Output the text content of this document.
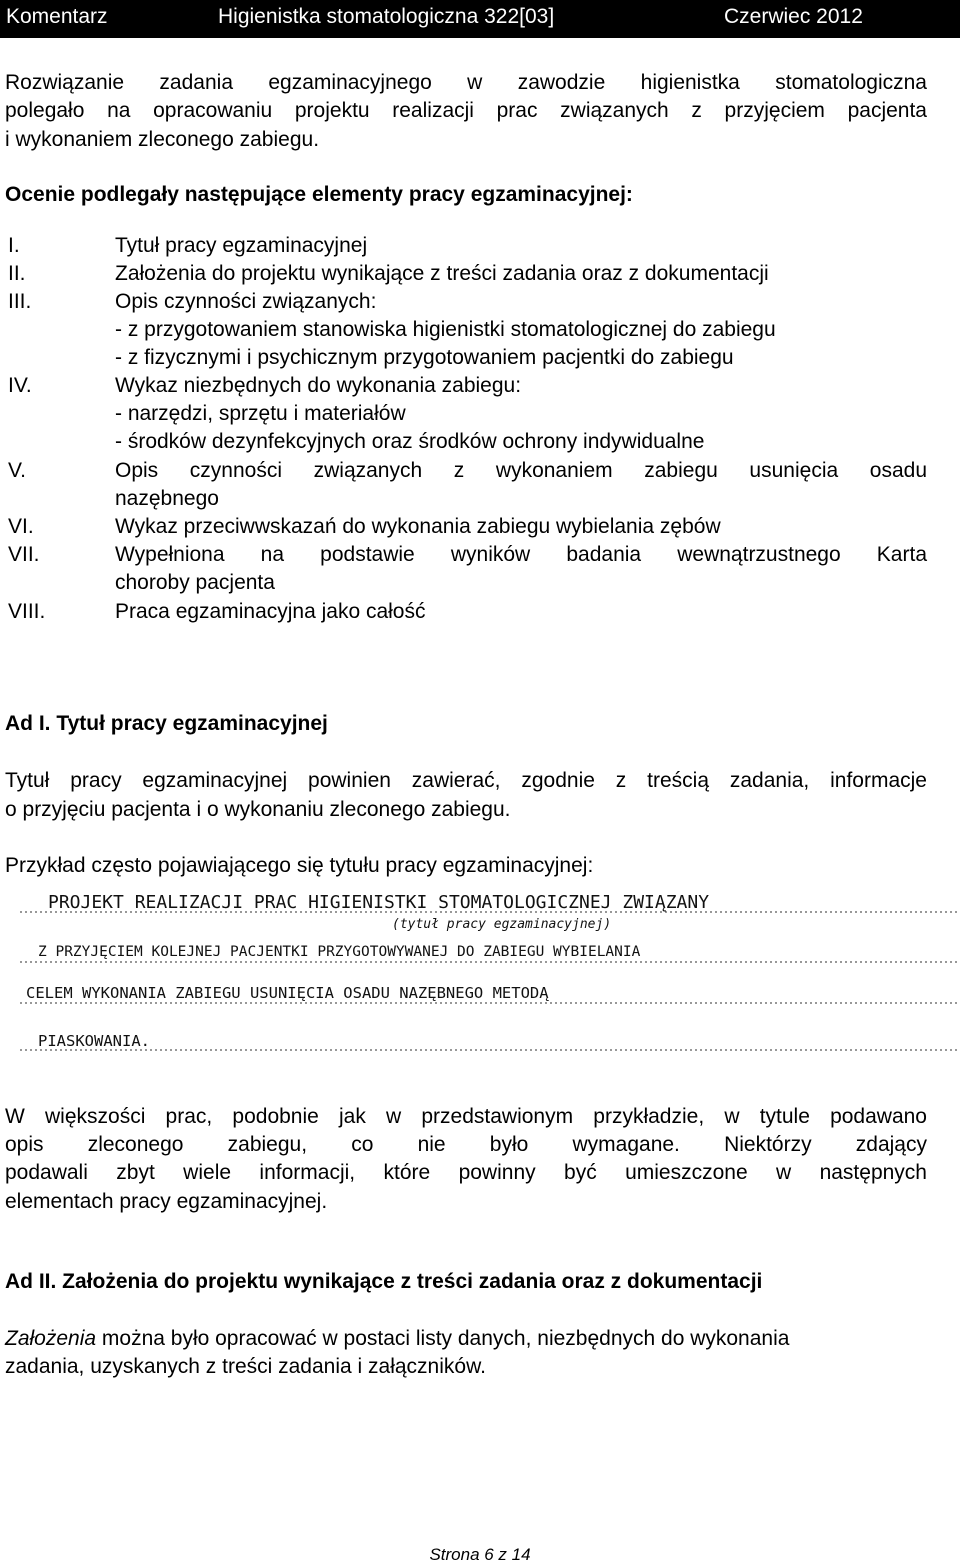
Komentarz	Higienistka stomatologiczna 322[03]	Czerwiec 2012
Rozwiązanie zadania egzaminacyjnego w zawodzie higienistka stomatologiczna
polegało na opracowaniu projektu realizacji prac związanych z przyjęciem pacjenta
i wykonaniem zleconego zabiegu.
Ocenie podlegały następujące elementy pracy egzaminacyjnej:
I.	Tytuł pracy egzaminacyjnej
II.	Założenia do projektu wynikające z treści zadania oraz z dokumentacji
III.	Opis czynności związanych:
- z przygotowaniem stanowiska higienistki stomatologicznej do zabiegu
- z fizycznymi i psychicznym przygotowaniem pacjentki do zabiegu
IV.	Wykaz niezbędnych do wykonania zabiegu:
- narzędzi, sprzętu i materiałów
- środków dezynfekcyjnych oraz środków ochrony indywidualne
V.	Opis czynności związanych z wykonaniem zabiegu usunięcia osadu
nazębnego
VI.	Wykaz przeciwwskazań do wykonania zabiegu wybielania zębów
VII.	Wypełniona na podstawie wyników badania wewnątrzustnego Karta
choroby pacjenta
VIII.	Praca egzaminacyjna jako całość
Ad I. Tytuł pracy egzaminacyjnej
Tytuł pracy egzaminacyjnej powinien zawierać, zgodnie z treścią zadania, informacje
o przyjęciu pacjenta i o wykonaniu zleconego zabiegu.
Przykład często pojawiającego się tytułu pracy egzaminacyjnej:
PROJEKT REALIZACJI PRAC HIGIENISTKI STOMATOLOGICZNEJ ZWIĄZANY
(tytuł pracy egzaminacyjnej)
Z PRZYJĘCIEM KOLEJNEJ PACJENTKI PRZYGOTOWYWANEJ DO ZABIEGU WYBIELANIA
CELEM WYKONANIA ZABIEGU USUNIĘCIA OSADU NAZĘBNEGO METODĄ
PIASKOWANIA.
W większości prac, podobnie jak w przedstawionym przykładzie, w tytule podawano
opis zleconego zabiegu, co nie było wymagane. Niektórzy zdający
podawali zbyt wiele informacji, które powinny być umieszczone w następnych
elementach pracy egzaminacyjnej.
Ad II. Założenia do projektu wynikające z treści zadania oraz z dokumentacji
Założenia można było opracować w postaci listy danych, niezbędnych do wykonania
zadania, uzyskanych z treści zadania i załączników.
Strona 6 z 14
